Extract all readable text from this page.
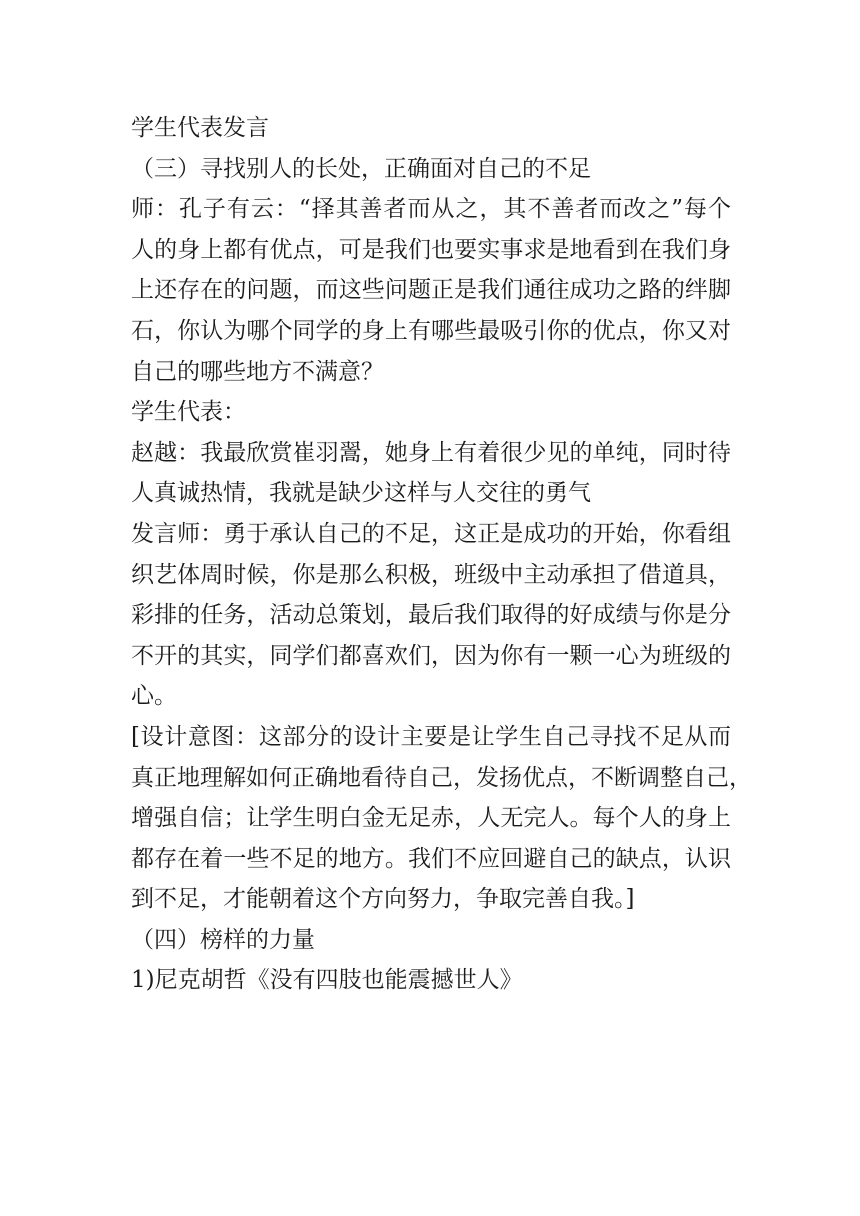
学生代表发言
（三）寻找别人的长处，正确面对自己的不足
师：孔子有云：“择其善者而从之，其不善者而改之”每个
人的身上都有优点，可是我们也要实事求是地看到在我们身
上还存在的问题，而这些问题正是我们通往成功之路的绊脚
石，你认为哪个同学的身上有哪些最吸引你的优点，你又对
自己的哪些地方不满意？
学生代表：
赵越：我最欣赏崔羽翯，她身上有着很少见的单纯，同时待
人真诚热情，我就是缺少这样与人交往的勇气
发言师：勇于承认自己的不足，这正是成功的开始，你看组
织艺体周时候，你是那么积极，班级中主动承担了借道具，
彩排的任务，活动总策划，最后我们取得的好成绩与你是分
不开的其实，同学们都喜欢们，因为你有一颗一心为班级的
心。
[设计意图：这部分的设计主要是让学生自己寻找不足从而
真正地理解如何正确地看待自己，发扬优点，不断调整自己，
增强自信；让学生明白金无足赤，人无完人。每个人的身上
都存在着一些不足的地方。我们不应回避自己的缺点，认识
到不足，才能朝着这个方向努力，争取完善自我。]
（四）榜样的力量
1)尼克胡哲《没有四肢也能震撼世人》
